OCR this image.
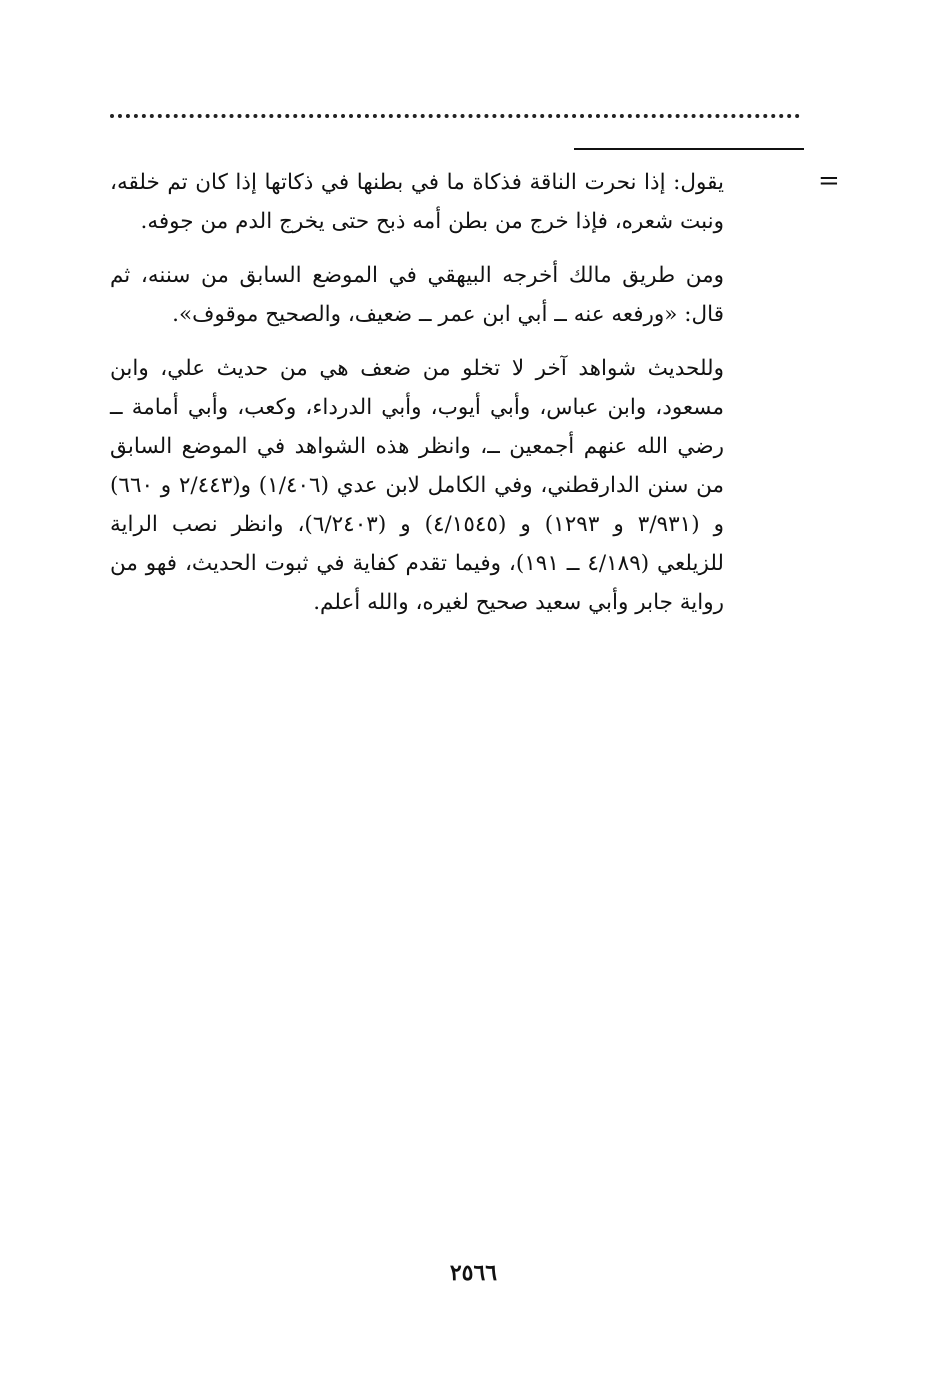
=

يقول: إذا نحرت الناقة فذكاة ما في بطنها في ذكاتها إذا كان تم خلقه، ونبت شعره، فإذا خرج من بطن أمه ذبح حتى يخرج الدم من جوفه.

ومن طريق مالك أخرجه البيهقي في الموضع السابق من سننه، ثم قال: «ورفعه عنه ــ أبي ابن عمر ــ ضعيف، والصحيح موقوف».

وللحديث شواهد آخر لا تخلو من ضعف هي من حديث علي، وابن مسعود، وابن عباس، وأبي أيوب، وأبي الدرداء، وكعب، وأبي أمامة ــ رضي الله عنهم أجمعين ــ، وانظر هذه الشواهد في الموضع السابق من سنن الدارقطني، وفي الكامل لابن عدي (١/٤٠٦) و(٢/٤٤٣ و ٦٦٠) و (٣/٩٣١ و ١٢٩٣) و (٤/١٥٤٥) و (٦/٢٤٠٣)، وانظر نصب الراية للزيلعي (٤/١٨٩ ــ ١٩١)، وفيما تقدم كفاية في ثبوت الحديث، فهو من رواية جابر وأبي سعيد صحيح لغيره، والله أعلم.

٢٥٦٦
